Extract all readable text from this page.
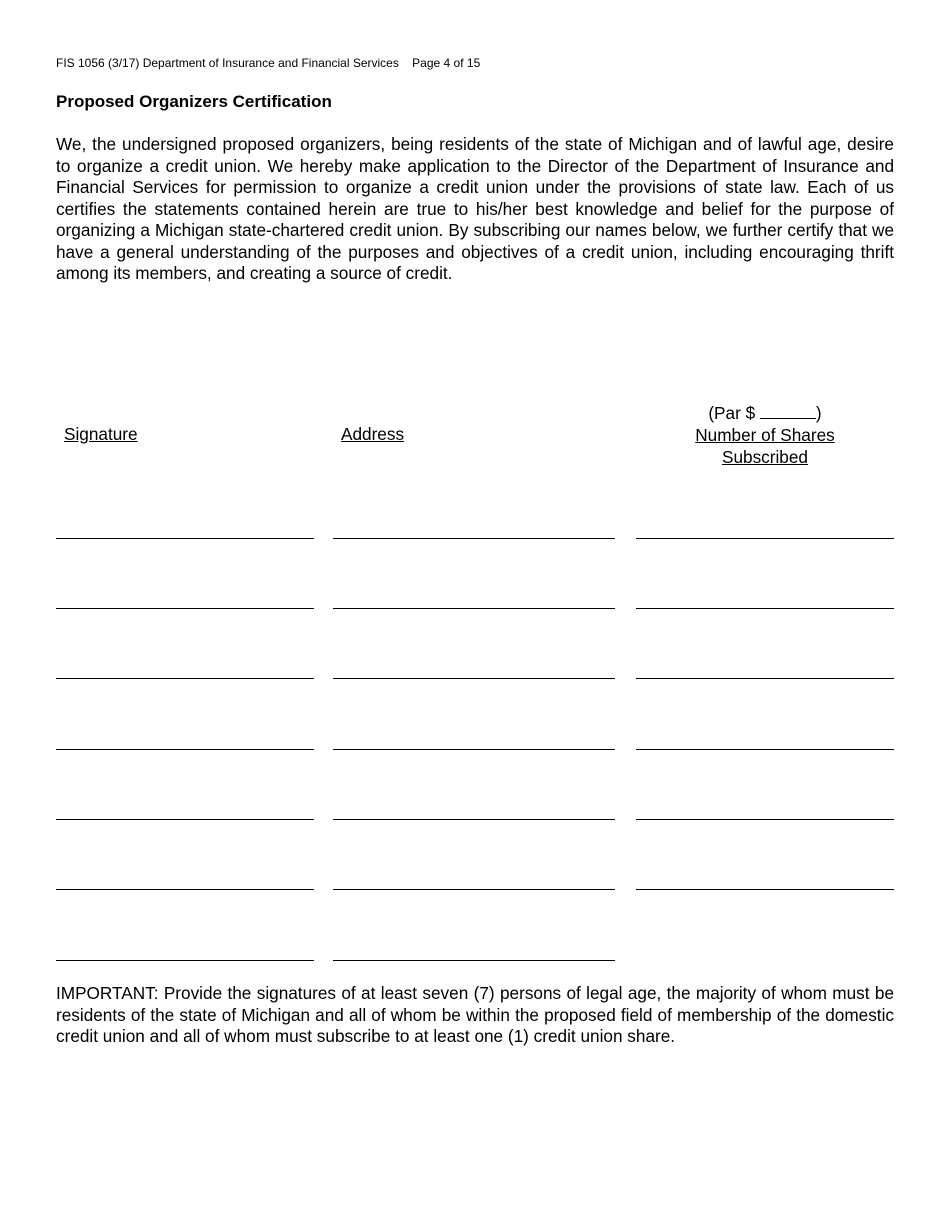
FIS 1056 (3/17) Department of Insurance and Financial Services    Page 4 of 15
Proposed Organizers Certification

We, the undersigned proposed organizers, being residents of the state of Michigan and of lawful age, desire to organize a credit union. We hereby make application to the Director of the Department of Insurance and Financial Services for permission to organize a credit union under the provisions of state law. Each of us certifies the statements contained herein are true to his/her best knowledge and belief for the purpose of organizing a Michigan state-chartered credit union. By subscribing our names below, we further certify that we have a general understanding of the purposes and objectives of a credit union, including encouraging thrift among its members, and creating a source of credit.

Signature	Address
(Par $	)
Number of Shares
Subscribed

IMPORTANT: Provide the signatures of at least seven (7) persons of legal age, the majority of whom must be residents of the state of Michigan and all of whom be within the proposed field of membership of the domestic credit union and all of whom must subscribe to at least one (1) credit union share.
